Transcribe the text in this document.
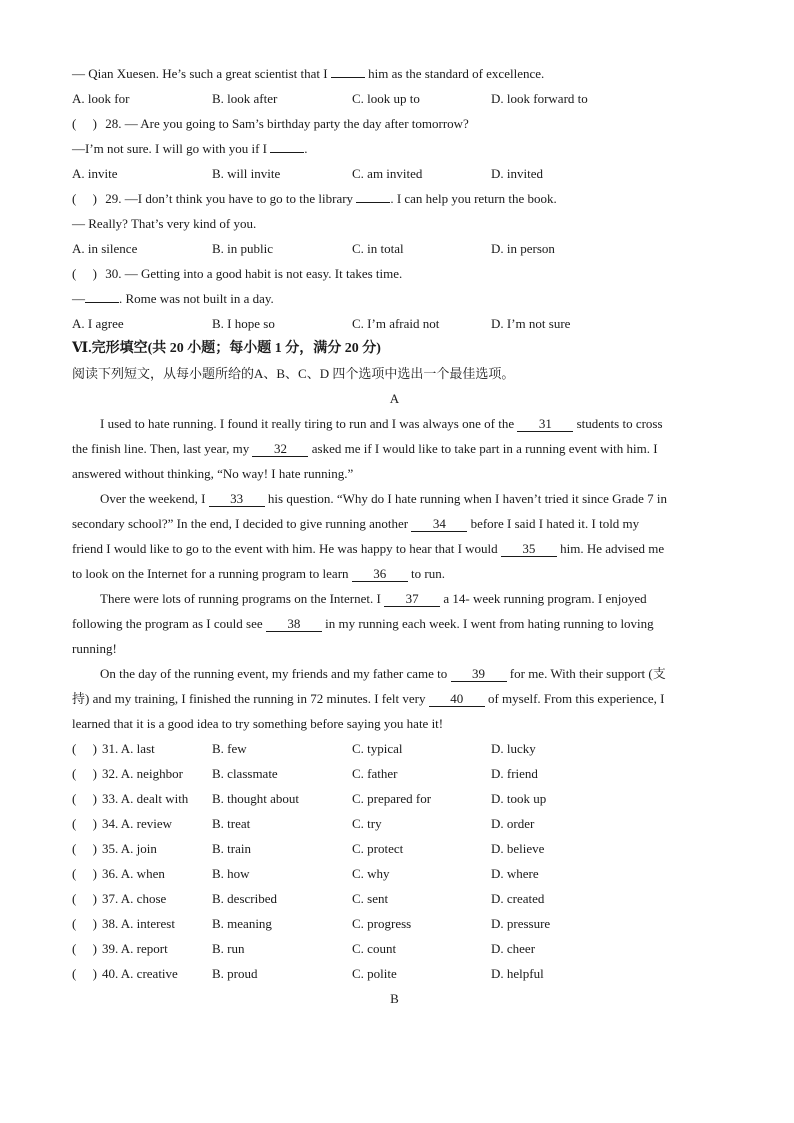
— Qian Xuesen. He’s such a great scientist that I	him as the standard of excellence.
A. look for	B. look after	C. look up to	D. look forward to
( ) 28. — Are you going to Sam’s birthday party the day after tomorrow?
—I’m not sure. I will go with you if I	.
A. invite	B. will invite	C. am invited	D. invited
( ) 29. —I don’t think you have to go to the library	. I can help you return the book.
— Really? That’s very kind of you.
A. in silence	B. in public	C. in total	D. in person
( ) 30. — Getting into a good habit is not easy. It takes time.
—	. Rome was not built in a day.
A. I agree	B. I hope so	C. I’m afraid not	D. I’m not sure
Ⅵ.完形填空(共 20 小题；每小题 1 分，满分 20 分)
阅读下列短文，从每小题所给的A、B、C、D 四个选项中选出一个最佳选项。
A
I used to hate running. I found it really tiring to run and I was always one of the 31 students to cross
the finish line. Then, last year, my 32 asked me if I would like to take part in a running event with him. I
answered without thinking, “No way! I hate running.”
Over the weekend, I 33 his question. “Why do I hate running when I haven’t tried it since Grade 7 in
secondary school?” In the end, I decided to give running another 34 before I said I hated it. I told my
friend I would like to go to the event with him. He was happy to hear that I would 35 him. He advised me
to look on the Internet for a running program to learn 36 to run.
There were lots of running programs on the Internet. I 37 a 14- week running program. I enjoyed
following the program as I could see 38 in my running each week. I went from hating running to loving
running!
On the day of the running event, my friends and my father came to 39 for me. With their support (支
持) and my training, I finished the running in 72 minutes. I felt very 40 of myself. From this experience, I
learned that it is a good idea to try something before saying you hate it!
( ) 31. A. last	B. few	C. typical	D. lucky
( ) 32. A. neighbor B. classmate	C. father	D. friend
( ) 33. A. dealt with B. thought about	C. prepared for	D. took up
( ) 34. A. review	B. treat	C. try	D. order
( ) 35. A. join	B. train	C. protect	D. believe
( ) 36. A. when	B. how	C. why	D. where
( ) 37. A. chose	B. described	C. sent	D. created
( ) 38. A. interest	B. meaning	C. progress	D. pressure
( ) 39. A. report	B. run	C. count	D. cheer
( ) 40. A. creative	B. proud	C. polite	D. helpful
B
